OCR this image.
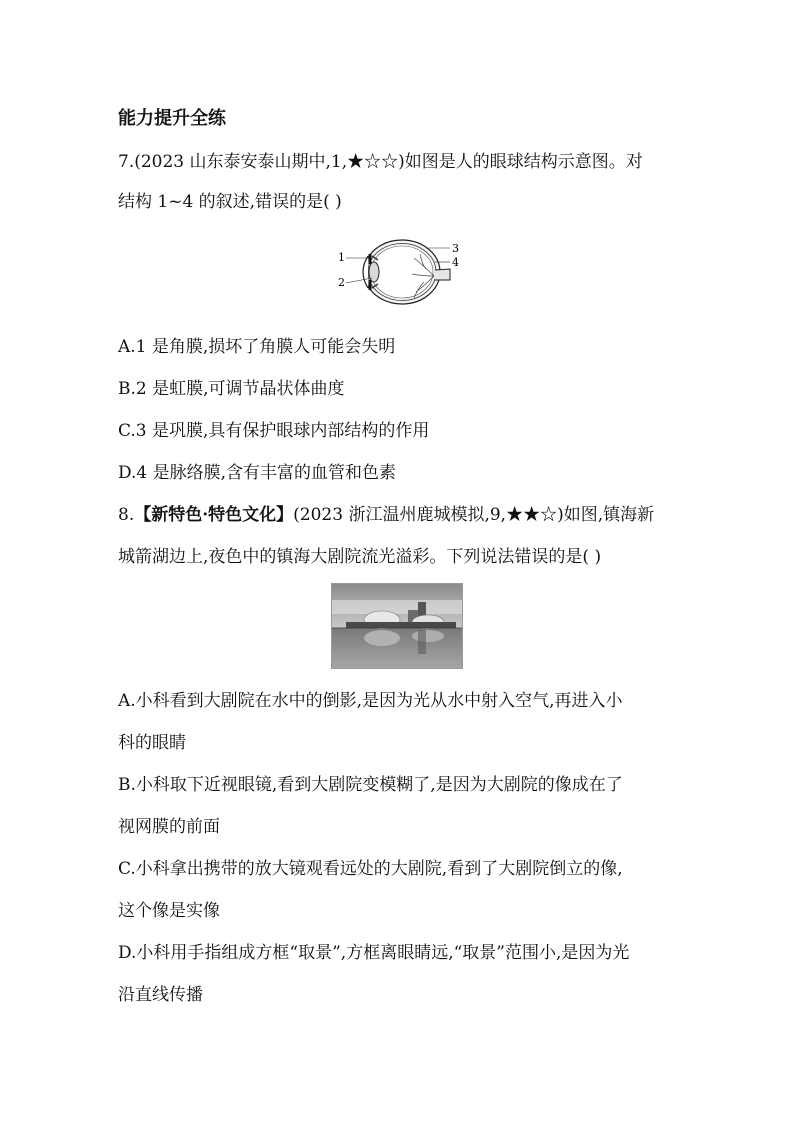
能力提升全练
7.(2023 山东泰安泰山期中,1,★☆☆)如图是人的眼球结构示意图。对
结构 1~4 的叙述,错误的是( )
1
2
3
4
A.1 是角膜,损坏了角膜人可能会失明
B.2 是虹膜,可调节晶状体曲度
C.3 是巩膜,具有保护眼球内部结构的作用
D.4 是脉络膜,含有丰富的血管和色素
8.【新特色·特色文化】(2023 浙江温州鹿城模拟,9,★★☆)如图,镇海新
城箭湖边上,夜色中的镇海大剧院流光溢彩。下列说法错误的是( )
A.小科看到大剧院在水中的倒影,是因为光从水中射入空气,再进入小
科的眼睛
B.小科取下近视眼镜,看到大剧院变模糊了,是因为大剧院的像成在了
视网膜的前面
C.小科拿出携带的放大镜观看远处的大剧院,看到了大剧院倒立的像,
这个像是实像
D.小科用手指组成方框“取景”,方框离眼睛远,“取景”范围小,是因为光
沿直线传播
